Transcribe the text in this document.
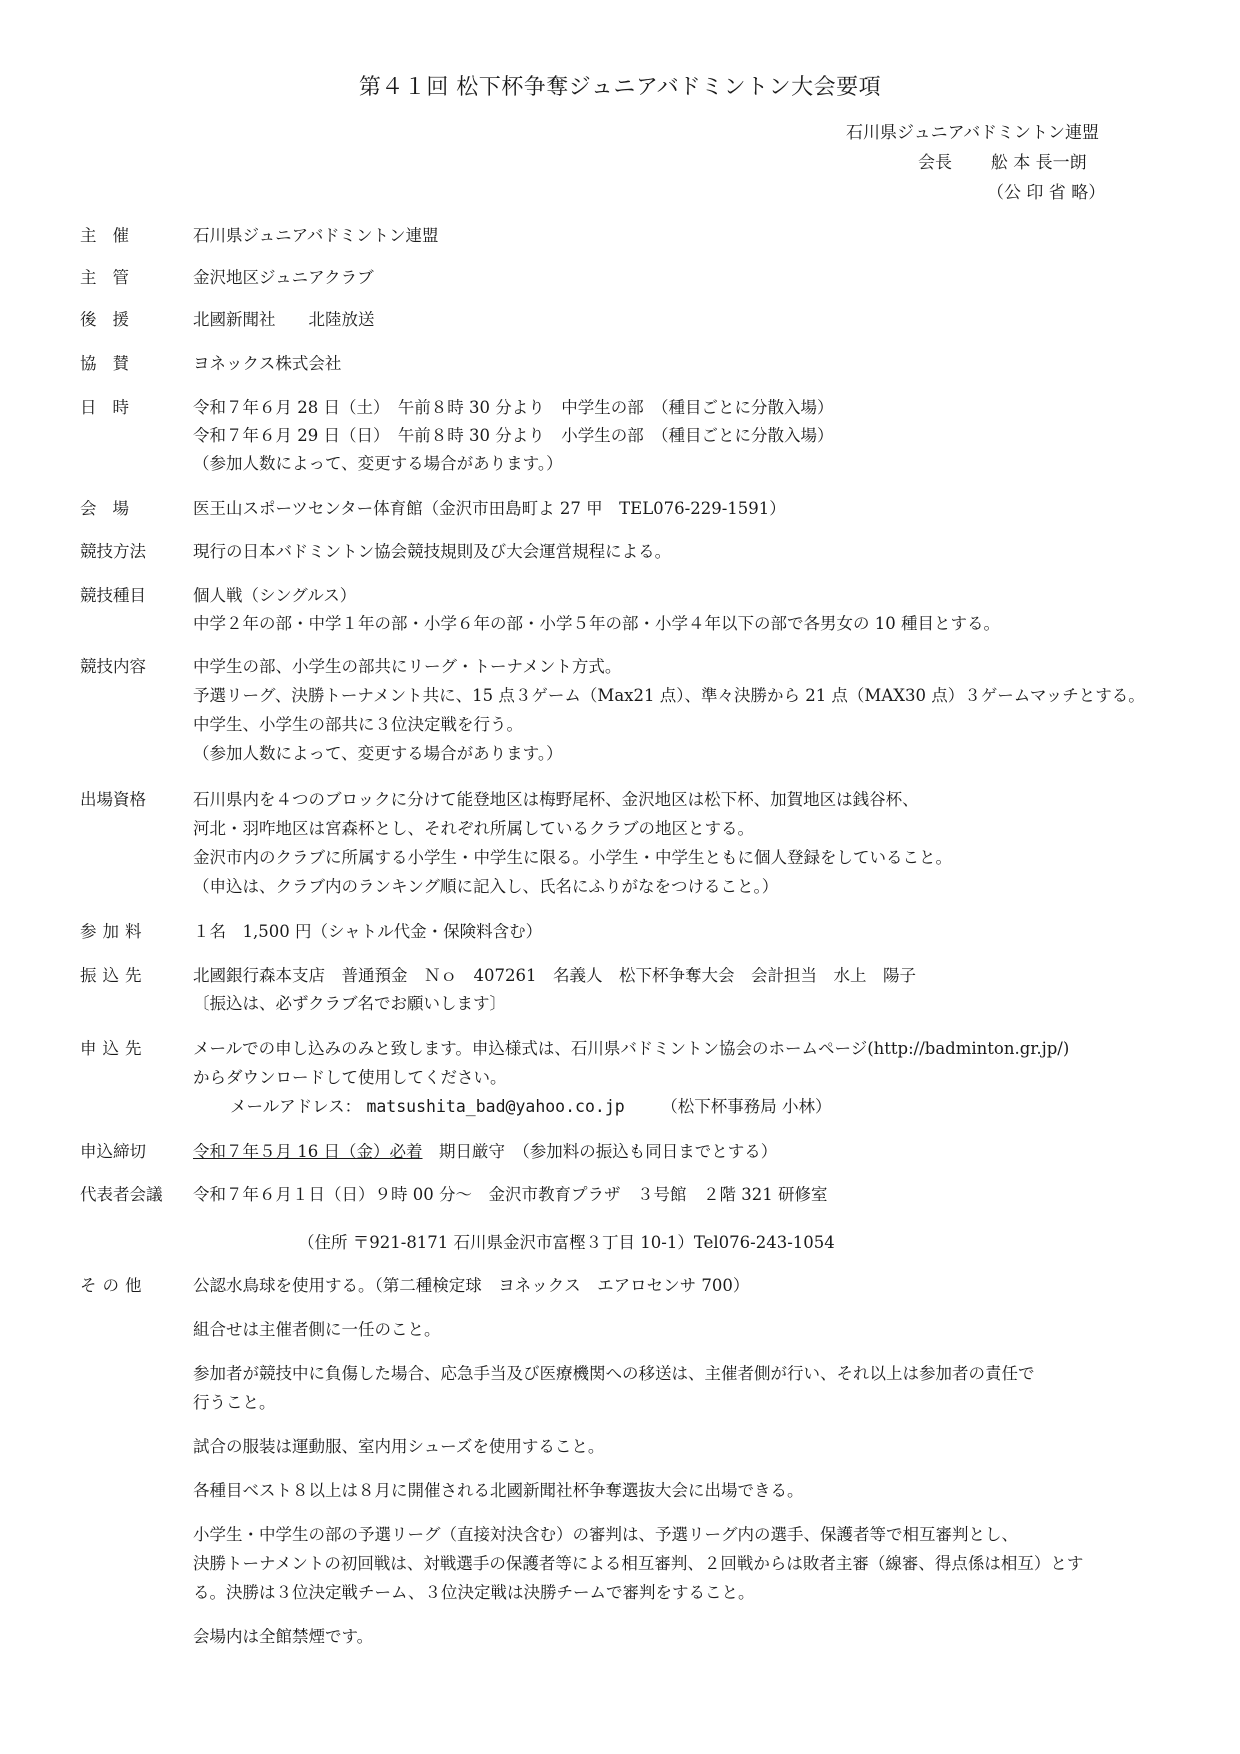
第４１回 松下杯争奪ジュニアバドミントン大会要項
石川県ジュニアバドミントン連盟
会長 舩 本 長一朗
（公 印 省 略）
主催	石川県ジュニアバドミントン連盟
主管	金沢地区ジュニアクラブ
後援	北國新聞社　　北陸放送
協賛	ヨネックス株式会社
日時	令和７年６月 28 日（土）　午前８時 30 分より　中学生の部　（種目ごとに分散入場）
令和７年６月 29 日（日）　午前８時 30 分より　小学生の部　（種目ごとに分散入場）
（参加人数によって、変更する場合があります。）
会場	医王山スポーツセンター体育館（金沢市田島町よ 27 甲　TEL076-229-1591）
競技方法	現行の日本バドミントン協会競技規則及び大会運営規程による。
競技種目	個人戦（シングルス）
中学２年の部・中学１年の部・小学６年の部・小学５年の部・小学４年以下の部で各男女の 10 種目とする。
競技内容	中学生の部、小学生の部共にリーグ・トーナメント方式。
予選リーグ、決勝トーナメント共に、15 点３ゲーム（Max21 点）、準々決勝から 21 点（MAX30 点）３ゲームマッチとする。
中学生、小学生の部共に３位決定戦を行う。
（参加人数によって、変更する場合があります。）
出場資格	石川県内を４つのブロックに分けて能登地区は梅野尾杯、金沢地区は松下杯、加賀地区は銭谷杯、
河北・羽咋地区は宮森杯とし、それぞれ所属しているクラブの地区とする。
金沢市内のクラブに所属する小学生・中学生に限る。小学生・中学生ともに個人登録をしていること。
（申込は、クラブ内のランキング順に記入し、氏名にふりがなをつけること。）
参加料	１名　1,500 円（シャトル代金・保険料含む）
振込先	北國銀行森本支店　普通預金　Ｎｏ　407261　名義人　松下杯争奪大会　会計担当　水上　陽子
〔振込は、必ずクラブ名でお願いします〕
申込先	メールでの申し込みのみと致します。申込様式は、石川県バドミントン協会のホームページ(http://badminton.gr.jp/)
からダウンロードして使用してください。
メールアドレス： matsushita_bad@yahoo.co.jp （松下杯事務局 小林）
申込締切	令和７年５月 16 日（金）必着　期日厳守　（参加料の振込も同日までとする）
代表者会議	令和７年６月１日（日）９時 00 分～　金沢市教育プラザ　３号館　２階 321 研修室
（住所 〒921-8171 石川県金沢市富樫３丁目 10-1）Tel076-243-1054
その他	公認水鳥球を使用する。（第二種検定球　ヨネックス　エアロセンサ 700）
組合せは主催者側に一任のこと。
参加者が競技中に負傷した場合、応急手当及び医療機関への移送は、主催者側が行い、それ以上は参加者の責任で
行うこと。
試合の服装は運動服、室内用シューズを使用すること。
各種目ベスト８以上は８月に開催される北國新聞社杯争奪選抜大会に出場できる。
小学生・中学生の部の予選リーグ（直接対決含む）の審判は、予選リーグ内の選手、保護者等で相互審判とし、
決勝トーナメントの初回戦は、対戦選手の保護者等による相互審判、２回戦からは敗者主審（線審、得点係は相互）とす
る。決勝は３位決定戦チーム、３位決定戦は決勝チームで審判をすること。
会場内は全館禁煙です。
